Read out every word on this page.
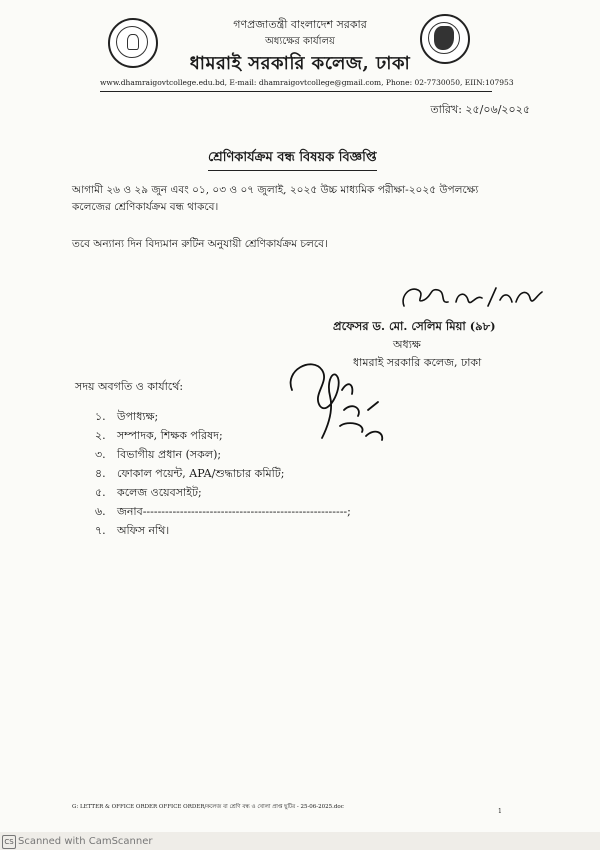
গণপ্রজাতন্ত্রী বাংলাদেশ সরকার
অধ্যক্ষের কার্যালয়
ধামরাই সরকারি কলেজ, ঢাকা
www.dhamraigovtcollege.edu.bd, E-mail: dhamraigovtcollege@gmail.com, Phone: 02-7730050, EIIN:107953
তারিখ: ২৫/০৬/২০২৫
শ্রেণিকার্যক্রম বন্ধ বিষয়ক বিজ্ঞপ্তি
আগামী ২৬ ও ২৯ জুন এবং ০১, ০৩ ও ০৭ জুলাই, ২০২৫ উচ্চ মাধ্যমিক পরীক্ষা-২০২৫ উপলক্ষ্যে
কলেজের শ্রেণিকার্যক্রম বন্ধ থাকবে।
তবে অন্যান্য দিন বিদ্যমান রুটিন অনুযায়ী শ্রেণিকার্যক্রম চলবে।
প্রফেসর ড. মো. সেলিম মিয়া (৯৮)
অধ্যক্ষ
ধামরাই সরকারি কলেজ, ঢাকা
সদয় অবগতি ও কার্যার্থে:
১. উপাধ্যক্ষ;
২. সম্পাদক, শিক্ষক পরিষদ;
৩. বিভাগীয় প্রধান (সকল);
৪. ফোকাল পয়েন্ট, APA/শুদ্ধাচার কমিটি;
৫. কলেজ ওয়েবসাইট;
৬. জনাব-------------------------------------------------------;
৭. অফিস নথি।
G: LETTER & OFFICE ORDER OFFICE ORDER/কলেজ বা শ্রেণি বন্ধ ও খোলা প্রাপ্ত ছুটির - 25-06-2025.doc
1
CS Scanned with CamScanner
